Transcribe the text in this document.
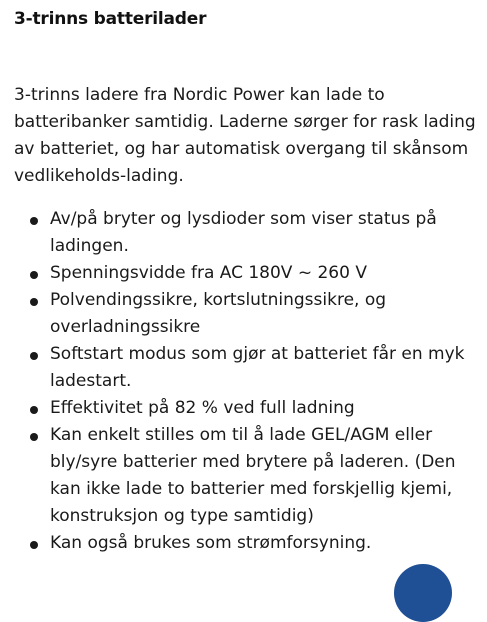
3-trinns batterilader

3-trinns ladere fra Nordic Power kan lade to batteribanker samtidig. Laderne sørger for rask lading av batteriet, og har automatisk overgang til skånsom vedlikeholds-lading.

Av/på bryter og lysdioder som viser status på ladingen.
Spenningsvidde fra AC 180V ~ 260 V
Polvendingssikre, kortslutningssikre, og overladningssikre
Softstart modus som gjør at batteriet får en myk ladestart.
Effektivitet på 82 % ved full ladning
Kan enkelt stilles om til å lade GEL/AGM eller bly/syre batterier med brytere på laderen. (Den kan ikke lade to batterier med forskjellig kjemi, konstruksjon og type samtidig)
Kan også brukes som strømforsyning.
